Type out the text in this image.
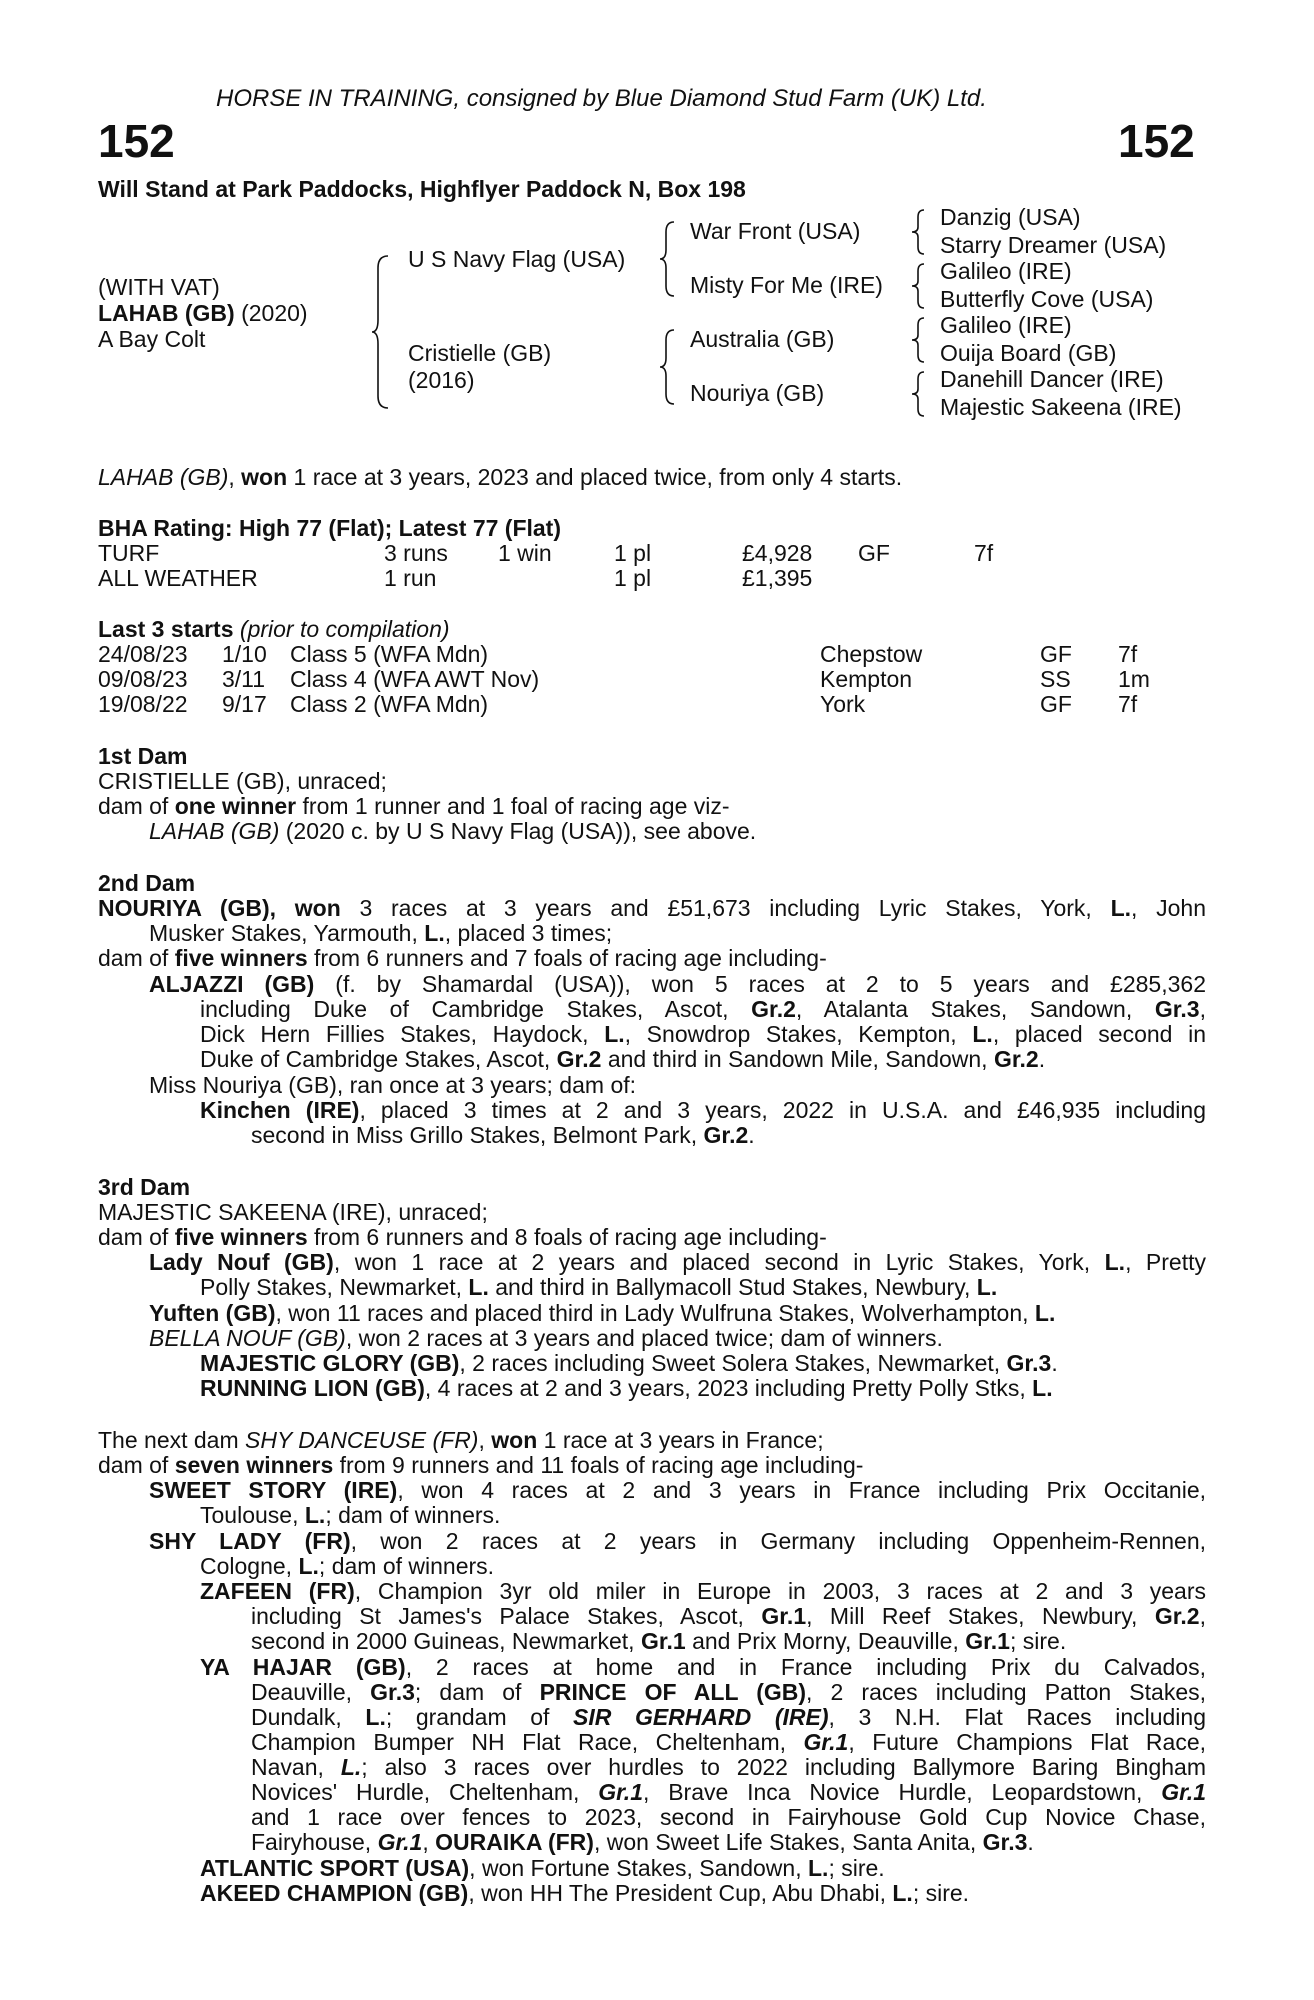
HORSE IN TRAINING, consigned by Blue Diamond Stud Farm (UK) Ltd.
152	152
Will Stand at Park Paddocks, Highflyer Paddock N, Box 198
(WITH VAT)
LAHAB (GB) (2020)
A Bay Colt
U S Navy Flag (USA)
Cristielle (GB)
(2016)
War Front (USA)
Misty For Me (IRE)
Australia (GB)
Nouriya (GB)
Danzig (USA)
Starry Dreamer (USA)
Galileo (IRE)
Butterfly Cove (USA)
Galileo (IRE)
Ouija Board (GB)
Danehill Dancer (IRE)
Majestic Sakeena (IRE)
LAHAB (GB), won 1 race at 3 years, 2023 and placed twice, from only 4 starts.
BHA Rating: High 77 (Flat); Latest 77 (Flat)
TURF	3 runs 1 win	1 pl	£4,928 GF	7f
ALL WEATHER	1 run	1 pl	£1,395
Last 3 starts (prior to compilation)
24/08/23 1/10 Class 5 (WFA Mdn)	Chepstow	GF 7f
09/08/23 3/11 Class 4 (WFA AWT Nov)	Kempton	SS 1m
19/08/22 9/17 Class 2 (WFA Mdn)	York	GF 7f
1st Dam
CRISTIELLE (GB), unraced;
dam of one winner from 1 runner and 1 foal of racing age viz-
LAHAB (GB) (2020 c. by U S Navy Flag (USA)), see above.
2nd Dam
NOURIYA (GB), won 3 races at 3 years and £51,673 including Lyric Stakes, York, L., John
Musker Stakes, Yarmouth, L., placed 3 times;
dam of five winners from 6 runners and 7 foals of racing age including-
ALJAZZI (GB) (f. by Shamardal (USA)), won 5 races at 2 to 5 years and £285,362
including Duke of Cambridge Stakes, Ascot, Gr.2, Atalanta Stakes, Sandown, Gr.3,
Dick Hern Fillies Stakes, Haydock, L., Snowdrop Stakes, Kempton, L., placed second in
Duke of Cambridge Stakes, Ascot, Gr.2 and third in Sandown Mile, Sandown, Gr.2.
Miss Nouriya (GB), ran once at 3 years; dam of:
Kinchen (IRE), placed 3 times at 2 and 3 years, 2022 in U.S.A. and £46,935 including
second in Miss Grillo Stakes, Belmont Park, Gr.2.
3rd Dam
MAJESTIC SAKEENA (IRE), unraced;
dam of five winners from 6 runners and 8 foals of racing age including-
Lady Nouf (GB), won 1 race at 2 years and placed second in Lyric Stakes, York, L., Pretty
Polly Stakes, Newmarket, L. and third in Ballymacoll Stud Stakes, Newbury, L.
Yuften (GB), won 11 races and placed third in Lady Wulfruna Stakes, Wolverhampton, L.
BELLA NOUF (GB), won 2 races at 3 years and placed twice; dam of winners.
MAJESTIC GLORY (GB), 2 races including Sweet Solera Stakes, Newmarket, Gr.3.
RUNNING LION (GB), 4 races at 2 and 3 years, 2023 including Pretty Polly Stks, L.
The next dam SHY DANCEUSE (FR), won 1 race at 3 years in France;
dam of seven winners from 9 runners and 11 foals of racing age including-
SWEET STORY (IRE), won 4 races at 2 and 3 years in France including Prix Occitanie,
Toulouse, L.; dam of winners.
SHY LADY (FR), won 2 races at 2 years in Germany including Oppenheim-Rennen,
Cologne, L.; dam of winners.
ZAFEEN (FR), Champion 3yr old miler in Europe in 2003, 3 races at 2 and 3 years
including St James's Palace Stakes, Ascot, Gr.1, Mill Reef Stakes, Newbury, Gr.2,
second in 2000 Guineas, Newmarket, Gr.1 and Prix Morny, Deauville, Gr.1; sire.
YA HAJAR (GB), 2 races at home and in France including Prix du Calvados,
Deauville, Gr.3; dam of PRINCE OF ALL (GB), 2 races including Patton Stakes,
Dundalk, L.; grandam of SIR GERHARD (IRE), 3 N.H. Flat Races including
Champion Bumper NH Flat Race, Cheltenham, Gr.1, Future Champions Flat Race,
Navan, L.; also 3 races over hurdles to 2022 including Ballymore Baring Bingham
Novices' Hurdle, Cheltenham, Gr.1, Brave Inca Novice Hurdle, Leopardstown, Gr.1
and 1 race over fences to 2023, second in Fairyhouse Gold Cup Novice Chase,
Fairyhouse, Gr.1, OURAIKA (FR), won Sweet Life Stakes, Santa Anita, Gr.3.
ATLANTIC SPORT (USA), won Fortune Stakes, Sandown, L.; sire.
AKEED CHAMPION (GB), won HH The President Cup, Abu Dhabi, L.; sire.
